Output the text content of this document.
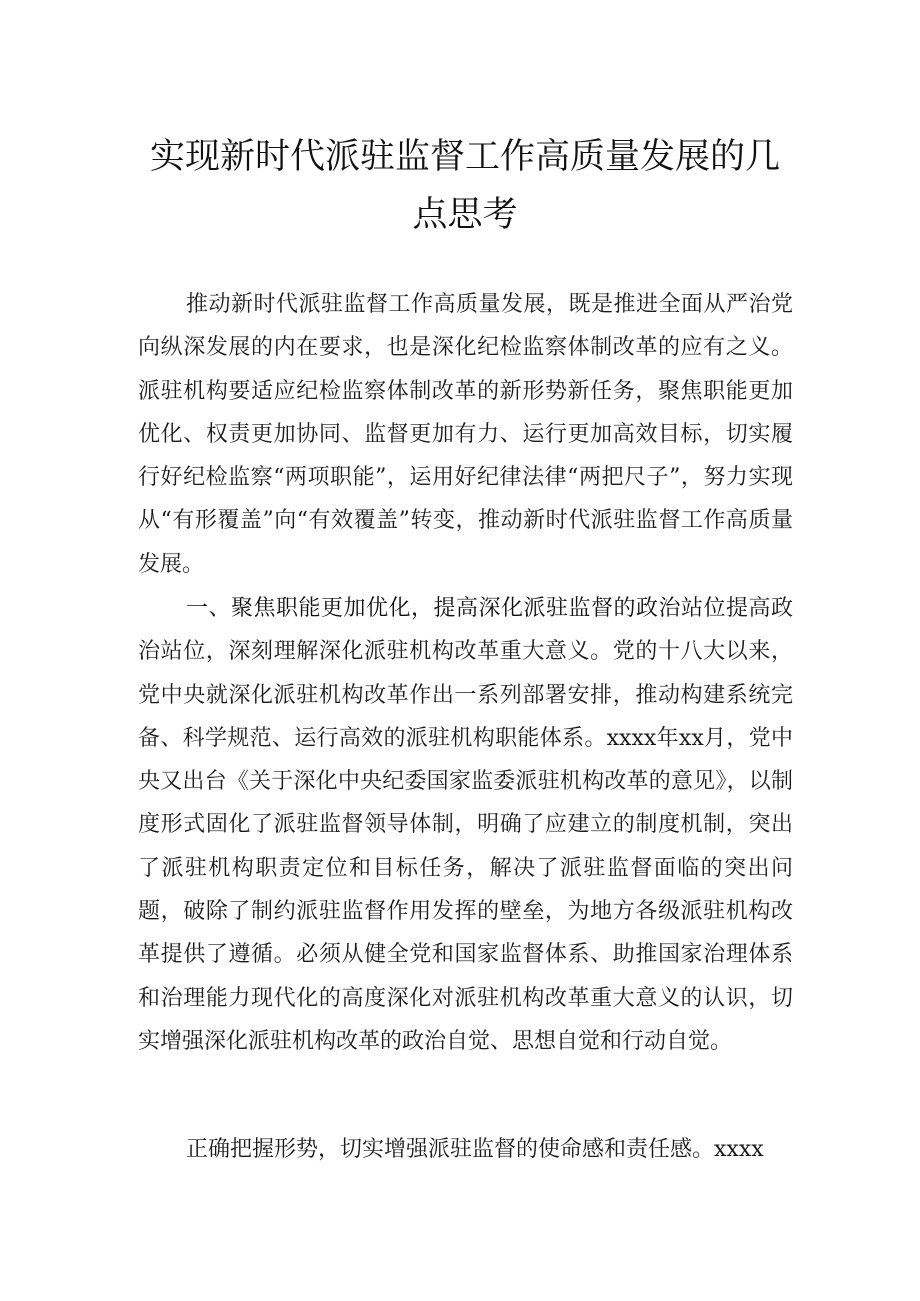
实现新时代派驻监督工作高质量发展的几点思考

推动新时代派驻监督工作高质量发展，既是推进全面从严治党向纵深发展的内在要求，也是深化纪检监察体制改革的应有之义。派驻机构要适应纪检监察体制改革的新形势新任务，聚焦职能更加优化、权责更加协同、监督更加有力、运行更加高效目标，切实履行好纪检监察“两项职能”，运用好纪律法律“两把尺子”，努力实现从“有形覆盖”向“有效覆盖”转变，推动新时代派驻监督工作高质量发展。

一、聚焦职能更加优化，提高深化派驻监督的政治站位提高政治站位，深刻理解深化派驻机构改革重大意义。党的十八大以来，党中央就深化派驻机构改革作出一系列部署安排，推动构建系统完备、科学规范、运行高效的派驻机构职能体系。xxxx年xx月，党中央又出台《关于深化中央纪委国家监委派驻机构改革的意见》，以制度形式固化了派驻监督领导体制，明确了应建立的制度机制，突出了派驻机构职责定位和目标任务，解决了派驻监督面临的突出问题，破除了制约派驻监督作用发挥的壁垒，为地方各级派驻机构改革提供了遵循。必须从健全党和国家监督体系、助推国家治理体系和治理能力现代化的高度深化对派驻机构改革重大意义的认识，切实增强深化派驻机构改革的政治自觉、思想自觉和行动自觉。

正确把握形势，切实增强派驻监督的使命感和责任感。xxxx
